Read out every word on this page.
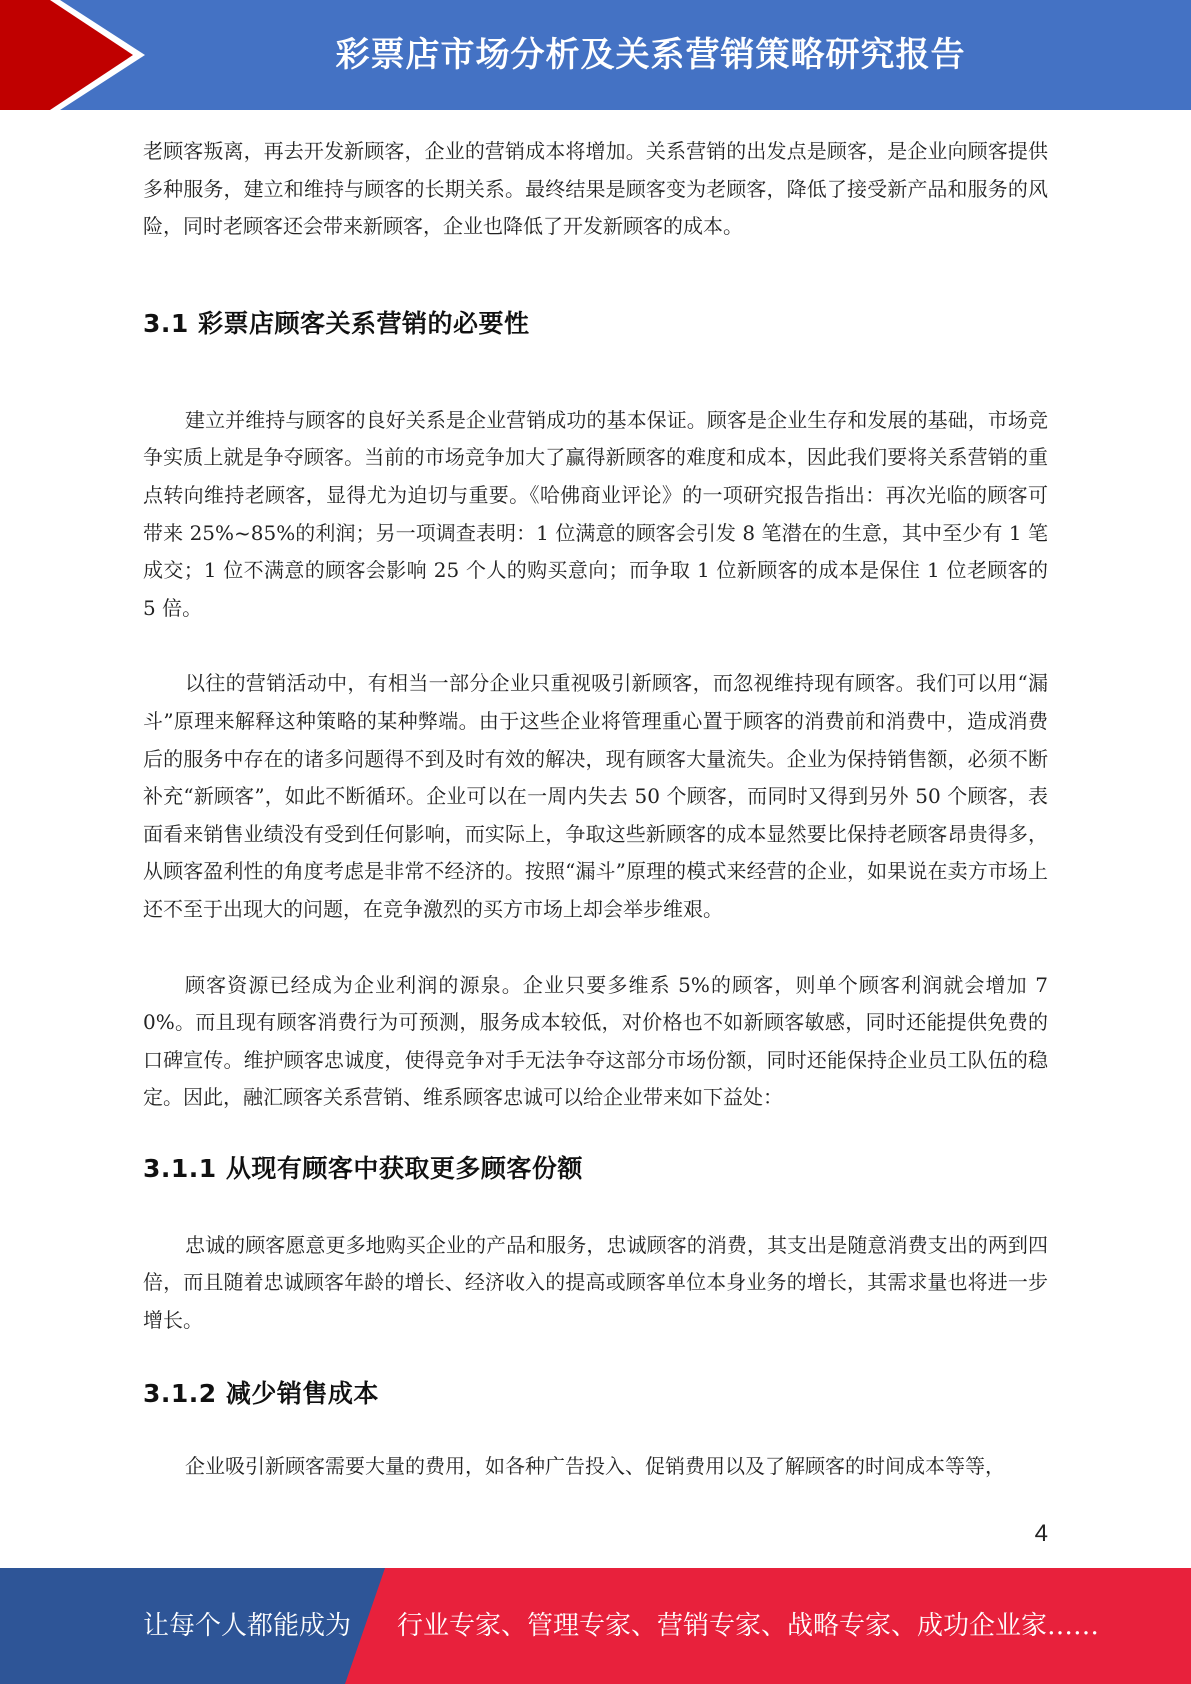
彩票店市场分析及关系营销策略研究报告

老顾客叛离，再去开发新顾客，企业的营销成本将增加。关系营销的出发点是顾客，是企业向顾客提供多种服务，建立和维持与顾客的长期关系。最终结果是顾客变为老顾客，降低了接受新产品和服务的风险，同时老顾客还会带来新顾客，企业也降低了开发新顾客的成本。

3.1 彩票店顾客关系营销的必要性

建立并维持与顾客的良好关系是企业营销成功的基本保证。顾客是企业生存和发展的基础，市场竞争实质上就是争夺顾客。当前的市场竞争加大了赢得新顾客的难度和成本，因此我们要将关系营销的重点转向维持老顾客，显得尤为迫切与重要。《哈佛商业评论》的一项研究报告指出：再次光临的顾客可带来 25%~85%的利润；另一项调查表明：1 位满意的顾客会引发 8 笔潜在的生意，其中至少有 1 笔成交；1 位不满意的顾客会影响 25 个人的购买意向；而争取 1 位新顾客的成本是保住 1 位老顾客的 5 倍。

以往的营销活动中，有相当一部分企业只重视吸引新顾客，而忽视维持现有顾客。我们可以用“漏斗”原理来解释这种策略的某种弊端。由于这些企业将管理重心置于顾客的消费前和消费中，造成消费后的服务中存在的诸多问题得不到及时有效的解决，现有顾客大量流失。企业为保持销售额，必须不断补充“新顾客”，如此不断循环。企业可以在一周内失去 50 个顾客，而同时又得到另外 50 个顾客，表面看来销售业绩没有受到任何影响，而实际上，争取这些新顾客的成本显然要比保持老顾客昂贵得多，从顾客盈利性的角度考虑是非常不经济的。按照“漏斗”原理的模式来经营的企业，如果说在卖方市场上还不至于出现大的问题，在竞争激烈的买方市场上却会举步维艰。

顾客资源已经成为企业利润的源泉。企业只要多维系 5%的顾客，则单个顾客利润就会增加 70%。而且现有顾客消费行为可预测，服务成本较低，对价格也不如新顾客敏感，同时还能提供免费的口碑宣传。维护顾客忠诚度，使得竞争对手无法争夺这部分市场份额，同时还能保持企业员工队伍的稳定。因此，融汇顾客关系营销、维系顾客忠诚可以给企业带来如下益处：

3.1.1 从现有顾客中获取更多顾客份额

忠诚的顾客愿意更多地购买企业的产品和服务，忠诚顾客的消费，其支出是随意消费支出的两到四倍，而且随着忠诚顾客年龄的增长、经济收入的提高或顾客单位本身业务的增长，其需求量也将进一步增长。

3.1.2 减少销售成本

企业吸引新顾客需要大量的费用，如各种广告投入、促销费用以及了解顾客的时间成本等等，

4
让每个人都能成为 行业专家、管理专家、营销专家、战略专家、成功企业家……
